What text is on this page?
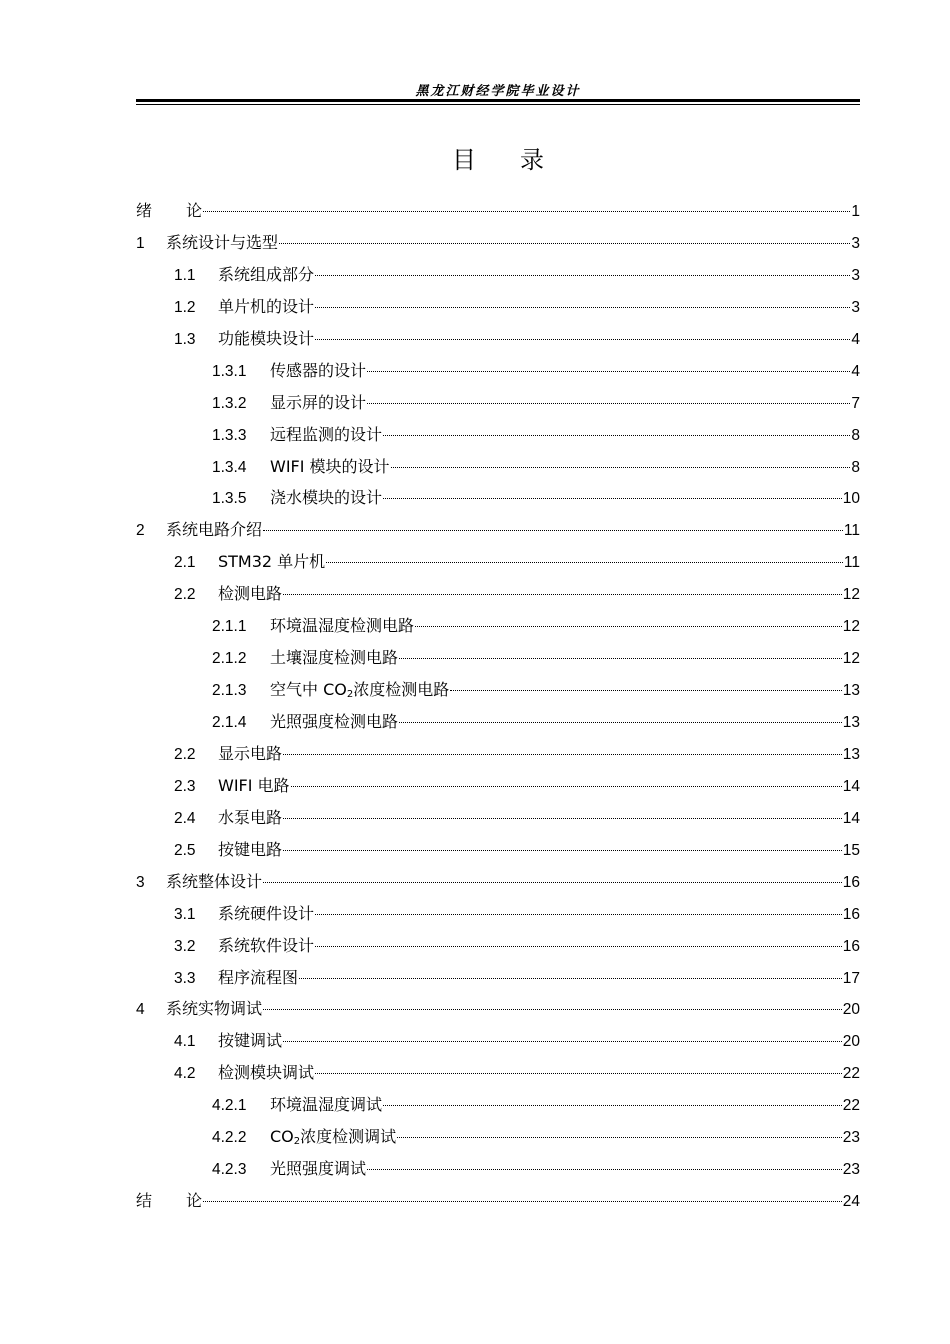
黑龙江财经学院毕业设计
目录
绪论	1
1	系统设计与选型	3
1.1	系统组成部分	3
1.2	单片机的设计	3
1.3	功能模块设计	4
1.3.1	传感器的设计	4
1.3.2	显示屏的设计	7
1.3.3	远程监测的设计	8
1.3.4	WIFI 模块的设计	8
1.3.5	浇水模块的设计	10
2	系统电路介绍	11
2.1	STM32 单片机	11
2.2	检测电路	12
2.1.1	环境温湿度检测电路	12
2.1.2	土壤湿度检测电路	12
2.1.3	空气中 $CO_2$浓度检测电路	13
2.1.4	光照强度检测电路	13
2.2	显示电路	13
2.3	WIFI 电路	14
2.4	水泵电路	14
2.5	按键电路	15
3	系统整体设计	16
3.1	系统硬件设计	16
3.2	系统软件设计	16
3.3	程序流程图	17
4	系统实物调试	20
4.1	按键调试	20
4.2	检测模块调试	22
4.2.1	环境温湿度调试	22
4.2.2	$CO_2$浓度检测调试	23
4.2.3	光照强度调试	23
结论	24
